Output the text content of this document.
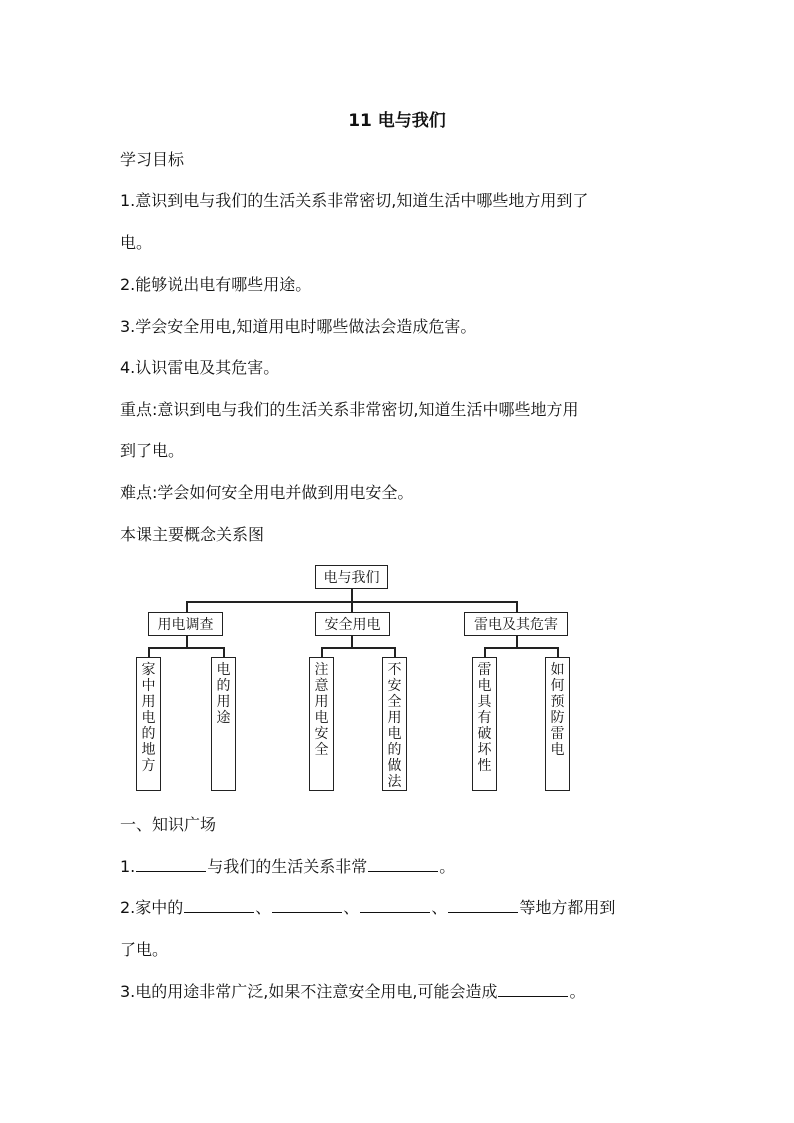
11 电与我们
学习目标
1.意识到电与我们的生活关系非常密切,知道生活中哪些地方用到了
电。
2.能够说出电有哪些用途。
3.学会安全用电,知道用电时哪些做法会造成危害。
4.认识雷电及其危害。
重点:意识到电与我们的生活关系非常密切,知道生活中哪些地方用
到了电。
难点:学会如何安全用电并做到用电安全。
本课主要概念关系图
电与我们
用电调查	安全用电	雷电及其危害
家中用电的地方
电的用途
注意用电安全
不安全用电的做法
雷电具有破坏性
如何预防雷电
一、知识广场
1.	与我们的生活关系非常	。
2.家中的	、	、	、	等地方都用到
了电。
3.电的用途非常广泛,如果不注意安全用电,可能会造成	。
